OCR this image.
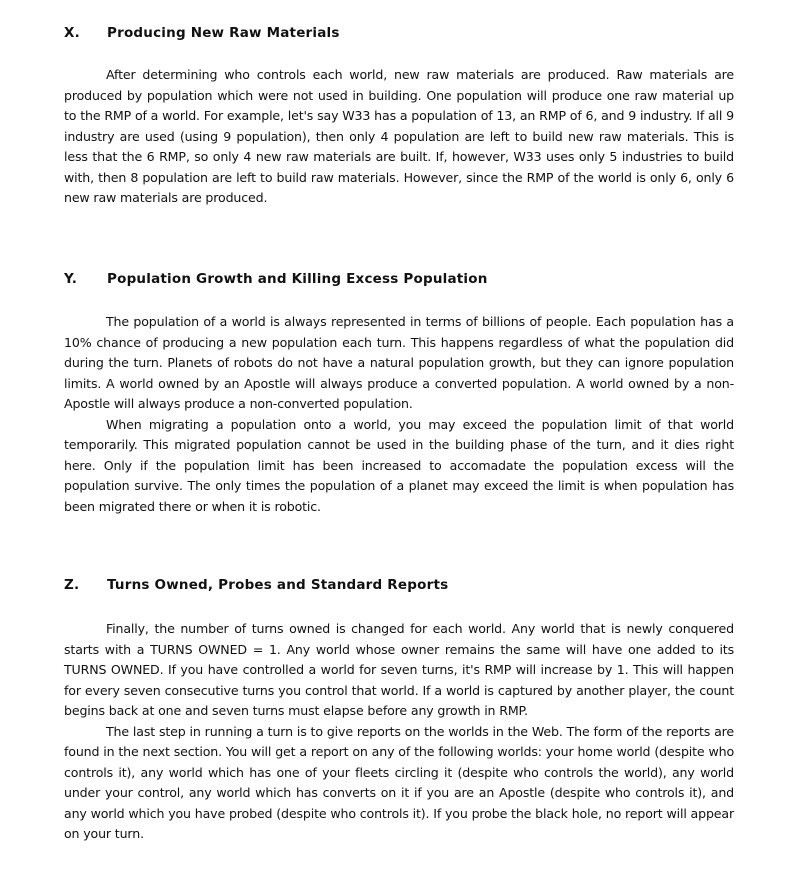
X.	Producing New Raw Materials

After determining who controls each world, new raw materials are produced. Raw materials are produced by population which were not used in building. One population will produce one raw material up to the RMP of a world. For example, let's say W33 has a population of 13, an RMP of 6, and 9 industry. If all 9 industry are used (using 9 population), then only 4 population are left to build new raw materials. This is less that the 6 RMP, so only 4 new raw materials are built. If, however, W33 uses only 5 industries to build with, then 8 population are left to build raw materials. However, since the RMP of the world is only 6, only 6 new raw materials are produced.

Y.	Population Growth and Killing Excess Population

The population of a world is always represented in terms of billions of people. Each population has a 10% chance of producing a new population each turn. This happens regardless of what the population did during the turn. Planets of robots do not have a natural population growth, but they can ignore population limits. A world owned by an Apostle will always produce a converted population. A world owned by a non-Apostle will always produce a non-converted population.

When migrating a population onto a world, you may exceed the population limit of that world temporarily. This migrated population cannot be used in the building phase of the turn, and it dies right here. Only if the population limit has been increased to accomadate the population excess will the population survive. The only times the population of a planet may exceed the limit is when population has been migrated there or when it is robotic.

Z.	Turns Owned, Probes and Standard Reports

Finally, the number of turns owned is changed for each world. Any world that is newly conquered starts with a TURNS OWNED = 1. Any world whose owner remains the same will have one added to its TURNS OWNED. If you have controlled a world for seven turns, it's RMP will increase by 1. This will happen for every seven consecutive turns you control that world. If a world is captured by another player, the count begins back at one and seven turns must elapse before any growth in RMP.

The last step in running a turn is to give reports on the worlds in the Web. The form of the reports are found in the next section. You will get a report on any of the following worlds: your home world (despite who controls it), any world which has one of your fleets circling it (despite who controls the world), any world under your control, any world which has converts on it if you are an Apostle (despite who controls it), and any world which you have probed (despite who controls it). If you probe the black hole, no report will appear on your turn.
